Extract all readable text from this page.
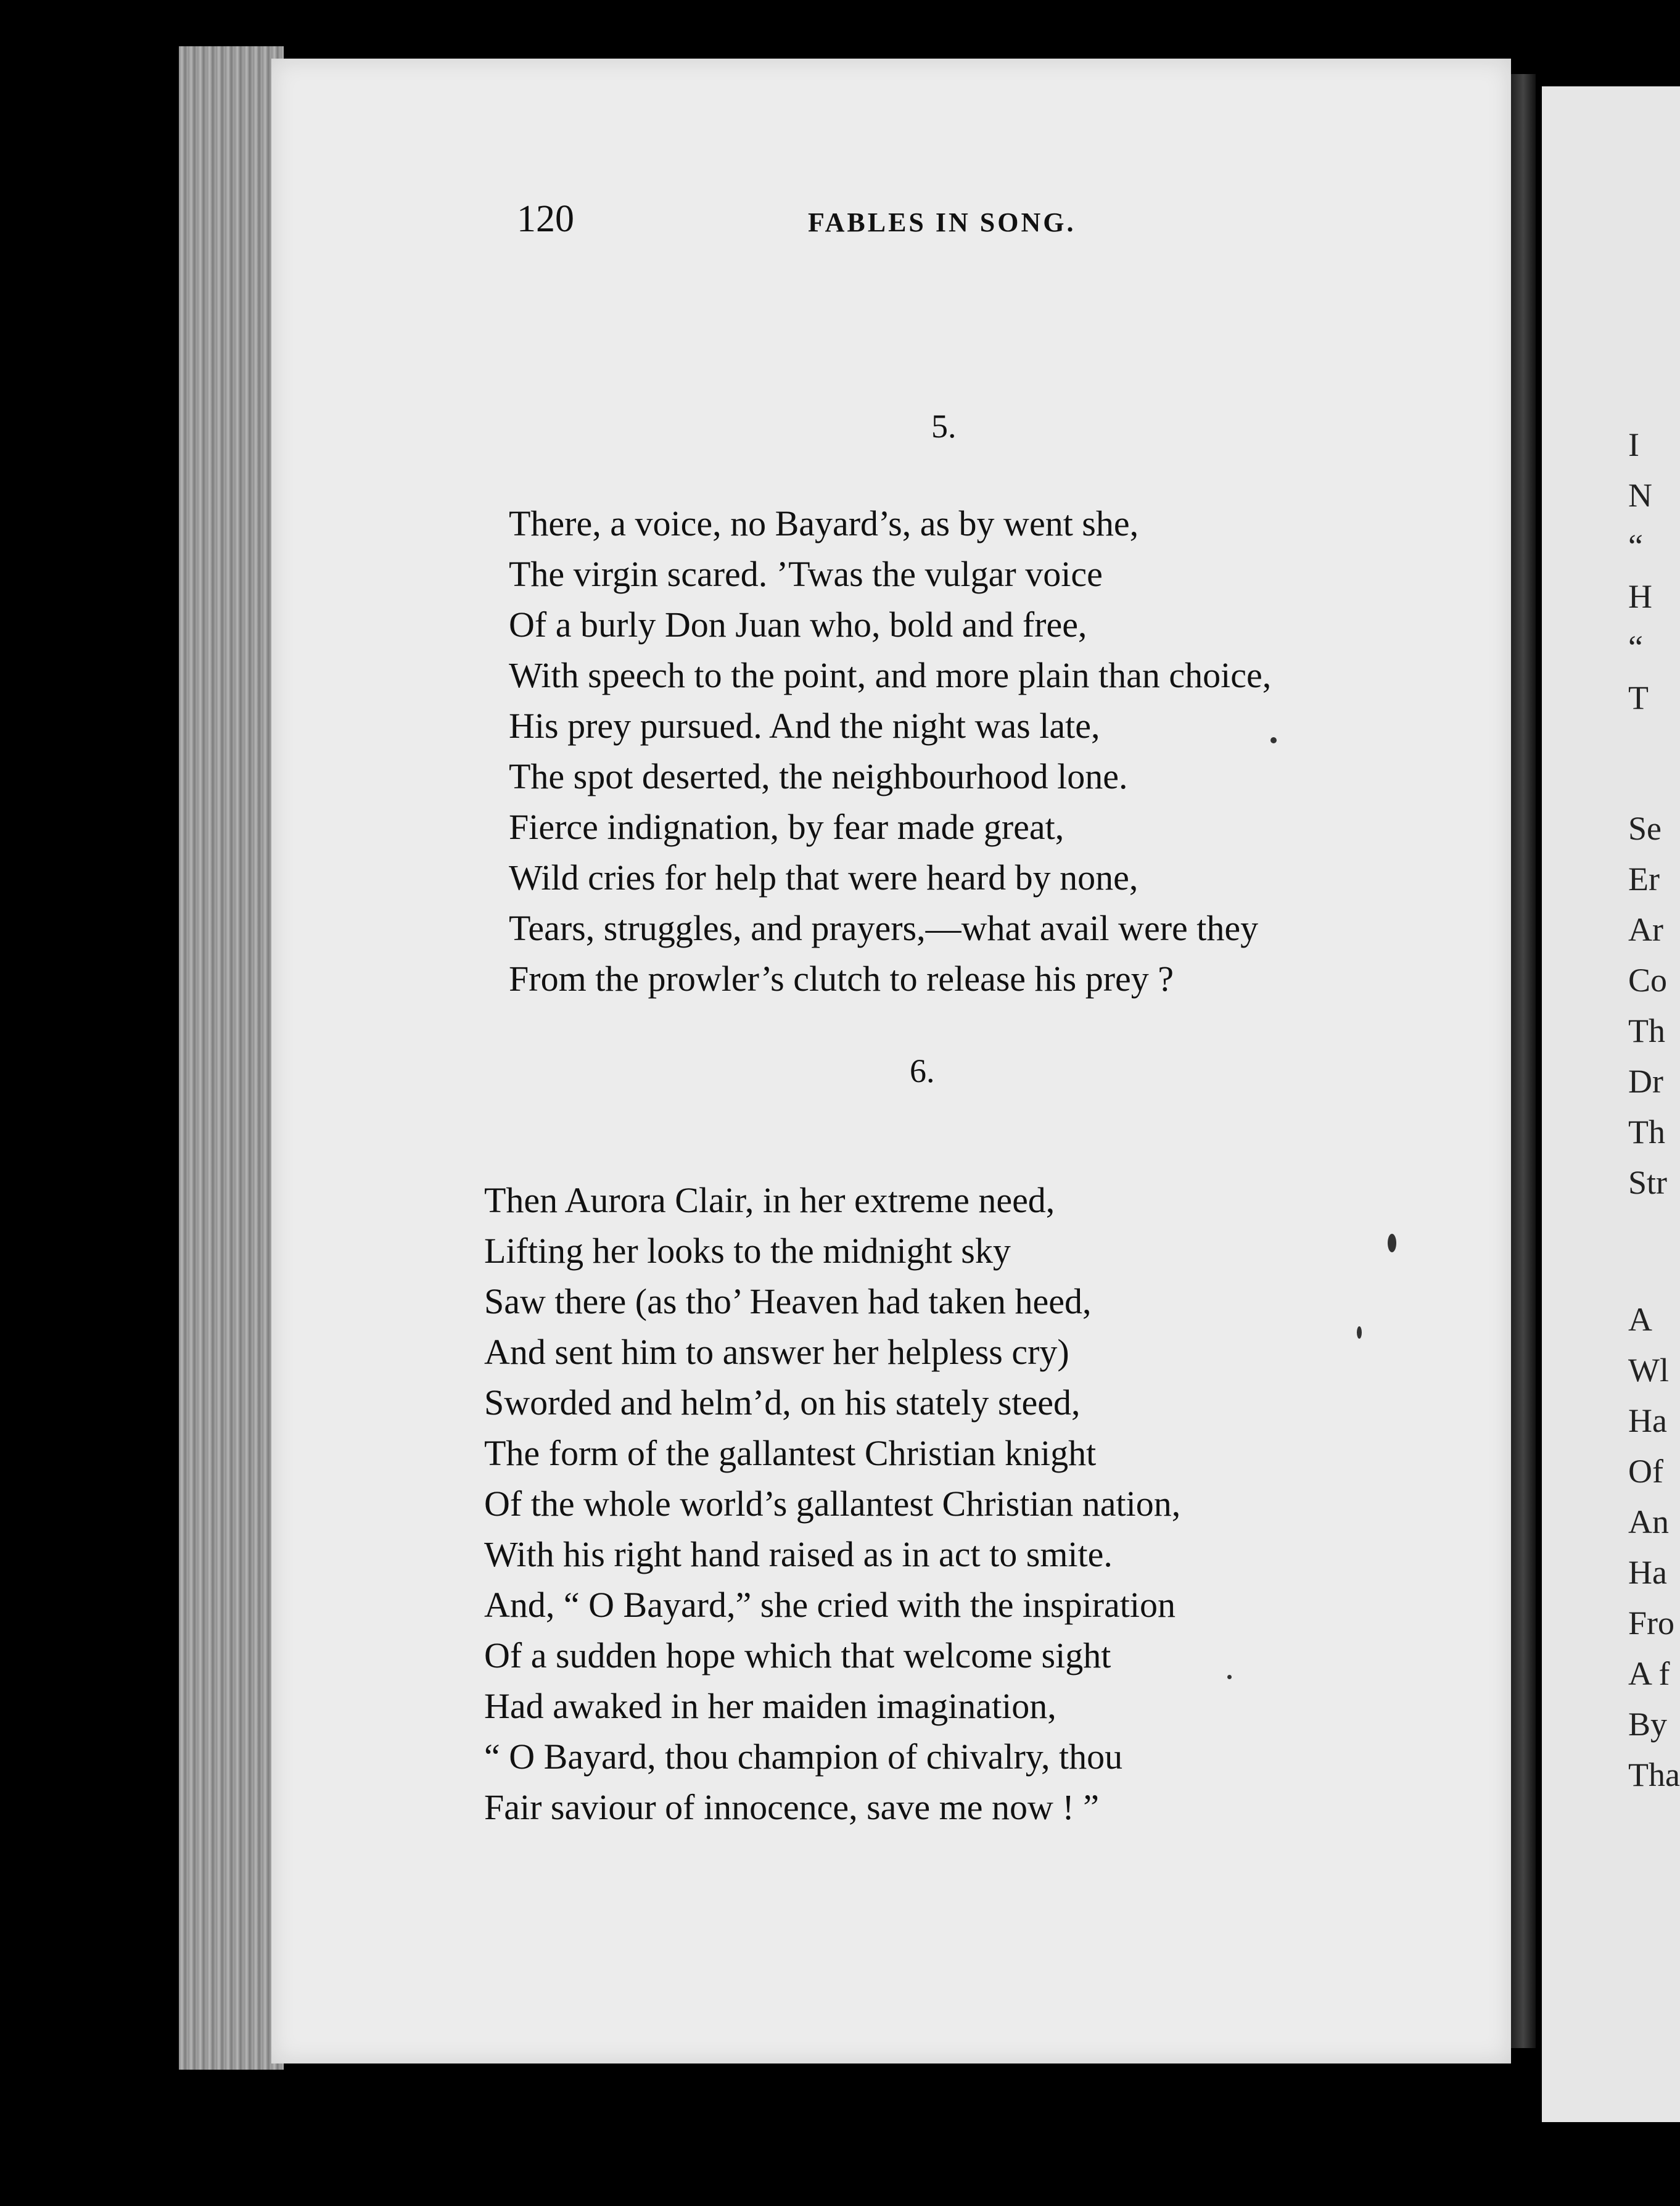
120	FABLES IN SONG.
5.
There, a voice, no Bayard’s, as by went she,
The virgin scared. ’Twas the vulgar voice
Of a burly Don Juan who, bold and free,
With speech to the point, and more plain than choice,
His prey pursued. And the night was late,
The spot deserted, the neighbourhood lone.
Fierce indignation, by fear made great,
Wild cries for help that were heard by none,
Tears, struggles, and prayers,—what avail were they
From the prowler’s clutch to release his prey ?
6.
Then Aurora Clair, in her extreme need,
Lifting her looks to the midnight sky
Saw there (as tho’ Heaven had taken heed,
And sent him to answer her helpless cry)
Sworded and helm’d, on his stately steed,
The form of the gallantest Christian knight
Of the whole world’s gallantest Christian nation,
With his right hand raised as in act to smite.
And, “ O Bayard,” she cried with the inspiration
Of a sudden hope which that welcome sight
Had awaked in her maiden imagination,
“ O Bayard, thou champion of chivalry, thou
Fair saviour of innocence, save me now ! ”
I
N
“
H
“
T
Se
Er
Ar
Co
Th
Dr
Th
Str
A
Wl
Ha
Of
An
Ha
Fro
A f
By
Tha
